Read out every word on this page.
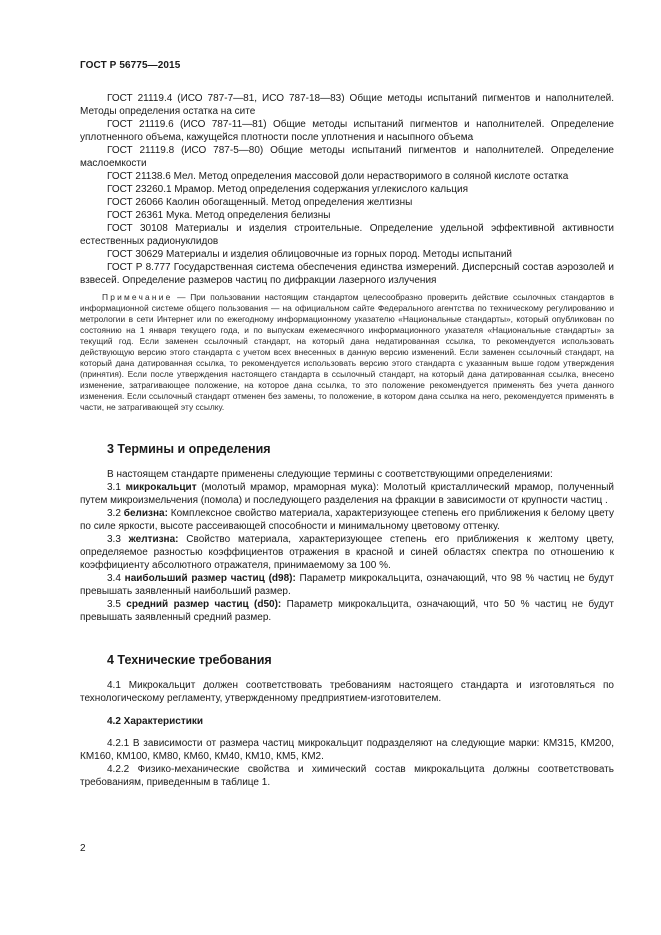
ГОСТ Р 56775—2015

ГОСТ 21119.4 (ИСО 787-7—81, ИСО 787-18—83) Общие методы испытаний пигментов и наполнителей. Методы определения остатка на сите

ГОСТ 21119.6 (ИСО 787-11—81) Общие методы испытаний пигментов и наполнителей. Определение уплотненного объема, кажущейся плотности после уплотнения и насыпного объема

ГОСТ 21119.8 (ИСО 787-5—80) Общие методы испытаний пигментов и наполнителей. Определение маслоемкости

ГОСТ 21138.6 Мел. Метод определения массовой доли нерастворимого в соляной кислоте остатка

ГОСТ 23260.1 Мрамор. Метод определения содержания углекислого кальция

ГОСТ 26066 Каолин обогащенный. Метод определения желтизны

ГОСТ 26361 Мука. Метод определения белизны

ГОСТ 30108 Материалы и изделия строительные. Определение удельной эффективной активности естественных радионуклидов

ГОСТ 30629 Материалы и изделия облицовочные из горных пород. Методы испытаний

ГОСТ Р 8.777 Государственная система обеспечения единства измерений. Дисперсный состав аэрозолей и взвесей. Определение размеров частиц по дифракции лазерного излучения

Примечание — При пользовании настоящим стандартом целесообразно проверить действие ссылочных стандартов в информационной системе общего пользования — на официальном сайте Федерального агентства по техническому регулированию и метрологии в сети Интернет или по ежегодному информационному указателю «Национальные стандарты», который опубликован по состоянию на 1 января текущего года, и по выпускам ежемесячного информационного указателя «Национальные стандарты» за текущий год. Если заменен ссылочный стандарт, на который дана недатированная ссылка, то рекомендуется использовать действующую версию этого стандарта с учетом всех внесенных в данную версию изменений. Если заменен ссылочный стандарт, на который дана датированная ссылка, то рекомендуется использовать версию этого стандарта с указанным выше годом утверждения (принятия). Если после утверждения настоящего стандарта в ссылочный стандарт, на который дана датированная ссылка, внесено изменение, затрагивающее положение, на которое дана ссылка, то это положение рекомендуется применять без учета данного изменения. Если ссылочный стандарт отменен без замены, то положение, в котором дана ссылка на него, рекомендуется применять в части, не затрагивающей эту ссылку.

3 Термины и определения

В настоящем стандарте применены следующие термины с соответствующими определениями:

3.1 микрокальцит (молотый мрамор, мраморная мука): Молотый кристаллический мрамор, полученный путем микроизмельчения (помола) и последующего разделения на фракции в зависимости от крупности частиц .

3.2 белизна: Комплексное свойство материала, характеризующее степень его приближения к белому цвету по силе яркости, высоте рассеивающей способности и минимальному цветовому оттенку.

3.3 желтизна: Свойство материала, характеризующее степень его приближения к желтому цвету, определяемое разностью коэффициентов отражения в красной и синей областях спектра по отношению к коэффициенту абсолютного отражателя, принимаемому за 100 %.

3.4 наибольший размер частиц (d98): Параметр микрокальцита, означающий, что 98 % частиц не будут превышать заявленный наибольший размер.

3.5 средний размер частиц (d50): Параметр микрокальцита, означающий, что 50 % частиц не будут превышать заявленный средний размер.

4 Технические требования

4.1 Микрокальцит должен соответствовать требованиям настоящего стандарта и изготовляться по технологическому регламенту, утвержденному предприятием-изготовителем.

4.2 Характеристики

4.2.1 В зависимости от размера частиц микрокальцит подразделяют на следующие марки: КМ315, КМ200, КМ160, КМ100, КМ80, КМ60, КМ40, КМ10, КМ5, КМ2.

4.2.2 Физико-механические свойства и химический состав микрокальцита должны соответствовать требованиям, приведенным в таблице 1.

2
